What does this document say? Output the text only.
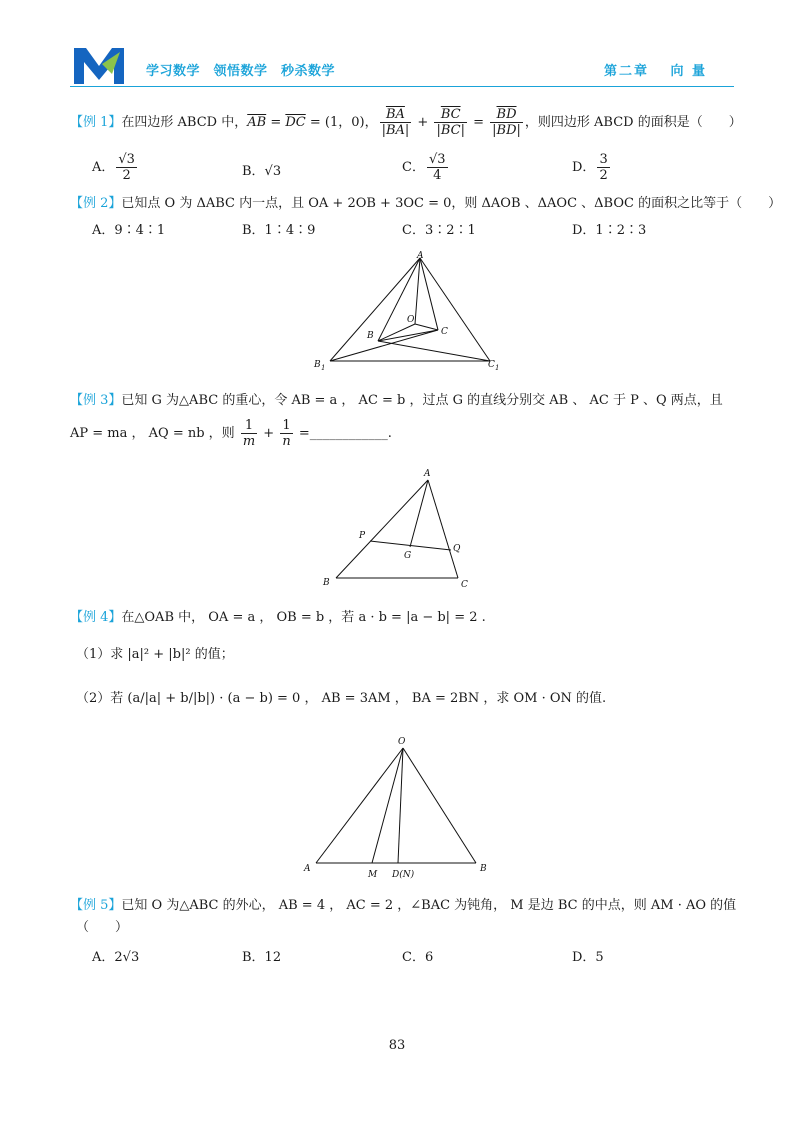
学习数学　领悟数学　秒杀数学	第二章　 向 量
【例 1】在四边形 ABCD 中，$\overline{AB} = \overline{DC} = (1$，0)， $\frac{\overline{BA}}{|BA|} + \frac{\overline{BC}}{|BC|} = \frac{\overline{BD}}{|BD|}$ ，则四边形 ABCD 的面积是（　　）
A． $\frac{√3}{2}$	B．√3	C． $\frac{√3}{4}$	D． $\frac{3}{2}$
【例 2】已知点 O 为 ΔABC 内一点，且 OA + 2OB + 3OC = 0，则 ΔAOB 、ΔAOC 、ΔBOC 的面积之比等于（　　）
A．9∶4∶1	B．1∶4∶9	C．3∶2∶1	D．1∶2∶3
A
B	C
O
B 1	C 1
【例 3】已知 G 为△ABC 的重心，令 AB = a ， AC = b ，过点 G 的直线分别交 AB 、 AC 于 P 、Q 两点，且
AP = ma ， AQ = nb ，则 $\frac{1}{m} + \frac{1}{n}$ =____________.
A
B	C
P
Q
G
【例 4】在△OAB 中， OA = a ， OB = b ，若 a · b = |a − b| = 2 .
（1）求 |a|² + |b|² 的值；
（2）若 (a/|a| + b/|b|) · (a − b) = 0 ， AB = 3AM ， BA = 2BN ，求 OM · ON 的值.
O
A	B
M D(N)
【例 5】已知 O 为△ABC 的外心， AB = 4 ， AC = 2 ，∠BAC 为钝角， M 是边 BC 的中点，则 AM · AO 的值
（　　）
A．2√3	B．12	C．6	D．5
83
